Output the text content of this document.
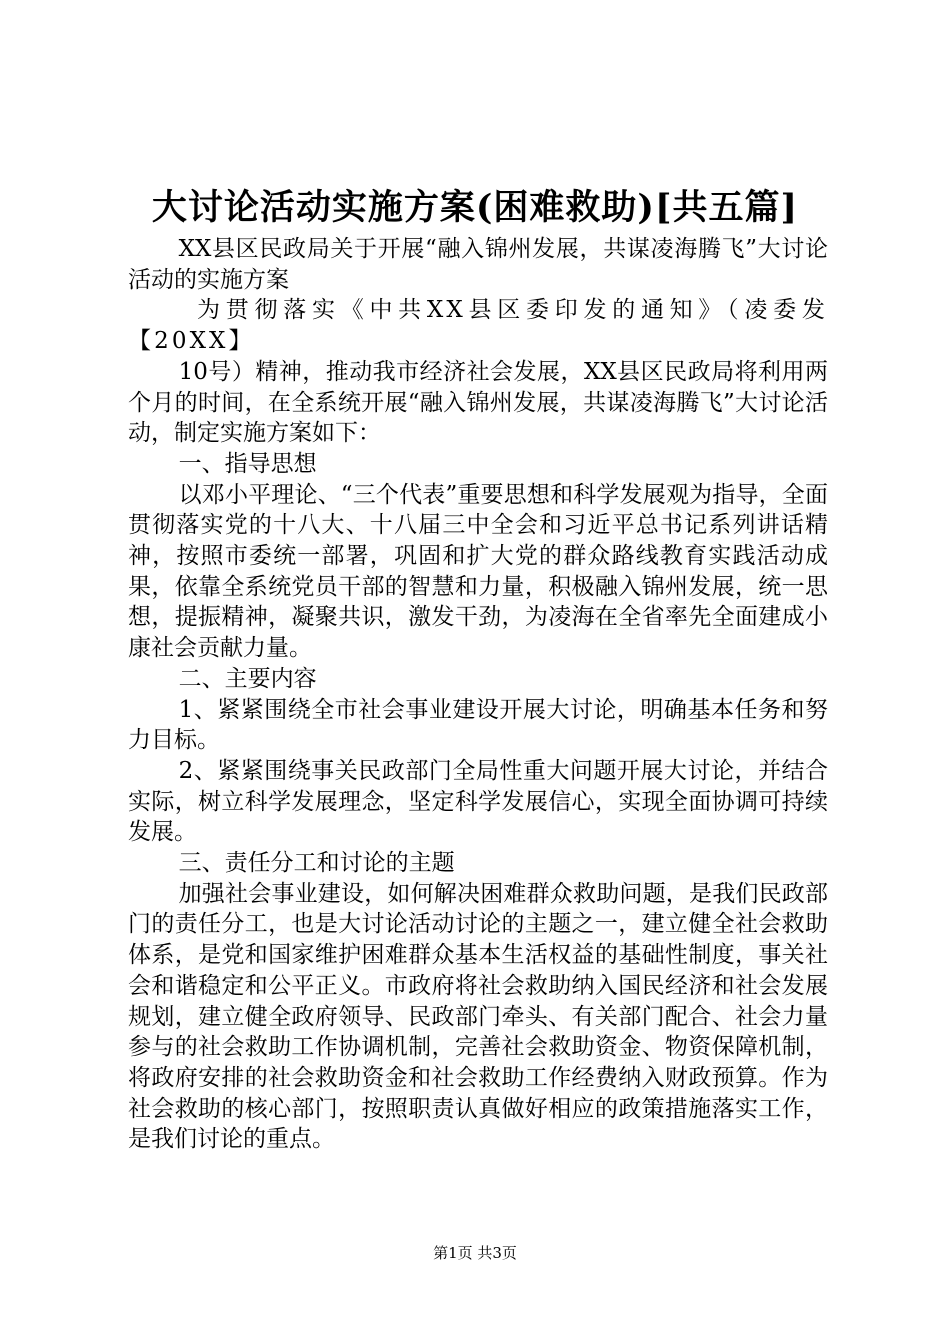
大讨论活动实施方案(困难救助)[共五篇]

XX县区民政局关于开展“融入锦州发展，共谋凌海腾飞”大讨论活动的实施方案

为贯彻落实《中共XX县区委印发的通知》（凌委发【20XX】

10号）精神，推动我市经济社会发展，XX县区民政局将利用两个月的时间，在全系统开展“融入锦州发展，共谋凌海腾飞”大讨论活动，制定实施方案如下：

一、指导思想

以邓小平理论、“三个代表”重要思想和科学发展观为指导，全面贯彻落实党的十八大、十八届三中全会和习近平总书记系列讲话精神，按照市委统一部署，巩固和扩大党的群众路线教育实践活动成果，依靠全系统党员干部的智慧和力量，积极融入锦州发展，统一思想，提振精神，凝聚共识，激发干劲，为凌海在全省率先全面建成小康社会贡献力量。

二、主要内容

1、紧紧围绕全市社会事业建设开展大讨论，明确基本任务和努力目标。

2、紧紧围绕事关民政部门全局性重大问题开展大讨论，并结合实际，树立科学发展理念，坚定科学发展信心，实现全面协调可持续发展。

三、责任分工和讨论的主题

加强社会事业建设，如何解决困难群众救助问题，是我们民政部门的责任分工，也是大讨论活动讨论的主题之一，建立健全社会救助体系，是党和国家维护困难群众基本生活权益的基础性制度，事关社会和谐稳定和公平正义。市政府将社会救助纳入国民经济和社会发展规划，建立健全政府领导、民政部门牵头、有关部门配合、社会力量参与的社会救助工作协调机制，完善社会救助资金、物资保障机制，将政府安排的社会救助资金和社会救助工作经费纳入财政预算。作为社会救助的核心部门，按照职责认真做好相应的政策措施落实工作，是我们讨论的重点。

第1页 共3页
